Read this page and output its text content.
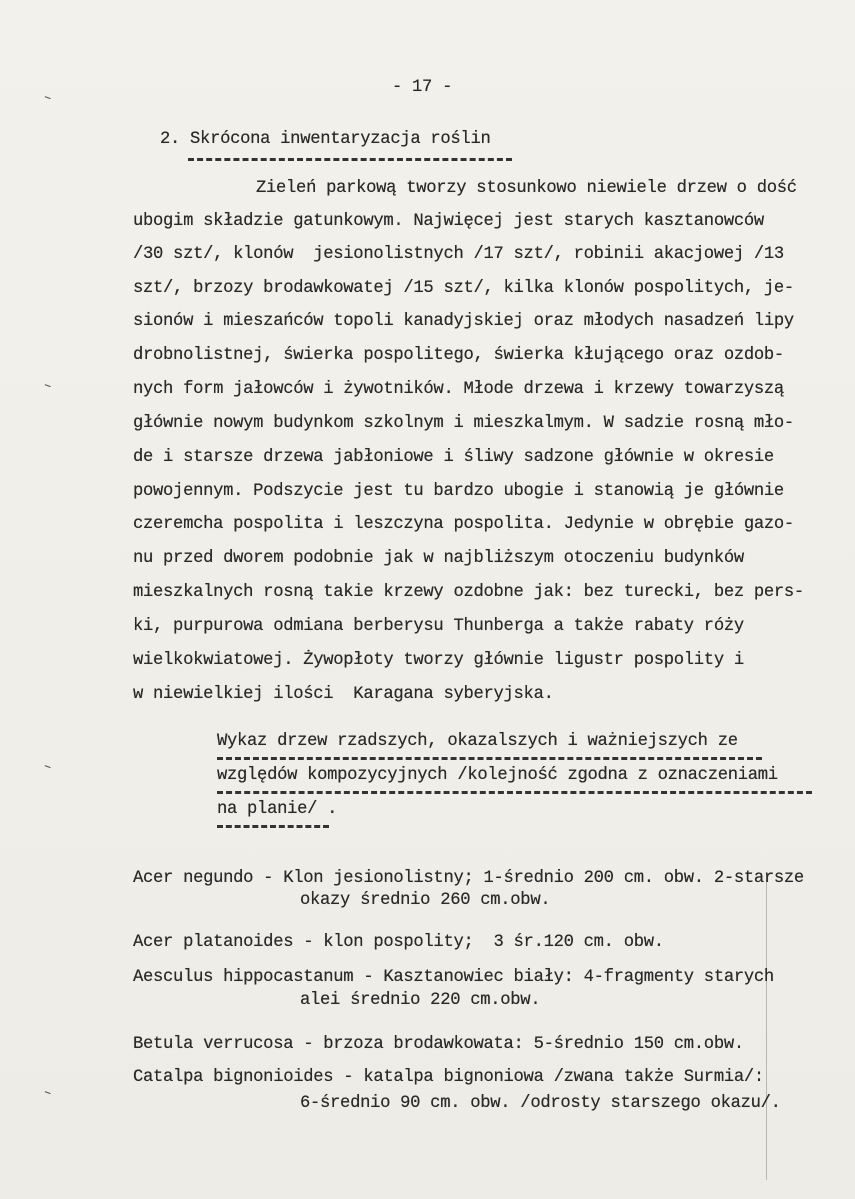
- 17 -
2. Skrócona inwentaryzacja roślin
Zieleń parkową tworzy stosunkowo niewiele drzew o dość
ubogim składzie gatunkowym. Najwięcej jest starych kasztanowców
/30 szt/, klonów  jesionolistnych /17 szt/, robinii akacjowej /13
szt/, brzozy brodawkowatej /15 szt/, kilka klonów pospolitych, je-
sionów i mieszańców topoli kanadyjskiej oraz młodych nasadzeń lipy
drobnolistnej, świerka pospolitego, świerka kłującego oraz ozdob-
nych form jałowców i żywotników. Młode drzewa i krzewy towarzyszą
głównie nowym budynkom szkolnym i mieszkalmym. W sadzie rosną mło-
de i starsze drzewa jabłoniowe i śliwy sadzone głównie w okresie
powojennym. Podszycie jest tu bardzo ubogie i stanowią je głównie
czeremcha pospolita i leszczyna pospolita. Jedynie w obrębie gazo-
nu przed dworem podobnie jak w najbliższym otoczeniu budynków
mieszkalnych rosną takie krzewy ozdobne jak: bez turecki, bez pers-
ki, purpurowa odmiana berberysu Thunberga a także rabaty róży
wielkokwiatowej. Żywopłoty tworzy głównie ligustr pospolity i
w niewielkiej ilości  Karagana syberyjska.
Wykaz drzew rzadszych, okazalszych i ważniejszych ze
względów kompozycyjnych /kolejność zgodna z oznaczeniami
na planie/ .
Acer negundo - Klon jesionolistny; 1-średnio 200 cm. obw. 2-starsze
okazy średnio 260 cm.obw.
Acer platanoides - klon pospolity;  3 śr.120 cm. obw.
Aesculus hippocastanum - Kasztanowiec biały: 4-fragmenty starych
alei średnio 220 cm.obw.
Betula verrucosa - brzoza brodawkowata: 5-średnio 150 cm.obw.
Catalpa bignonioides - katalpa bignoniowa /zwana także Surmia/:
6-średnio 90 cm. obw. /odrosty starszego okazu/.
